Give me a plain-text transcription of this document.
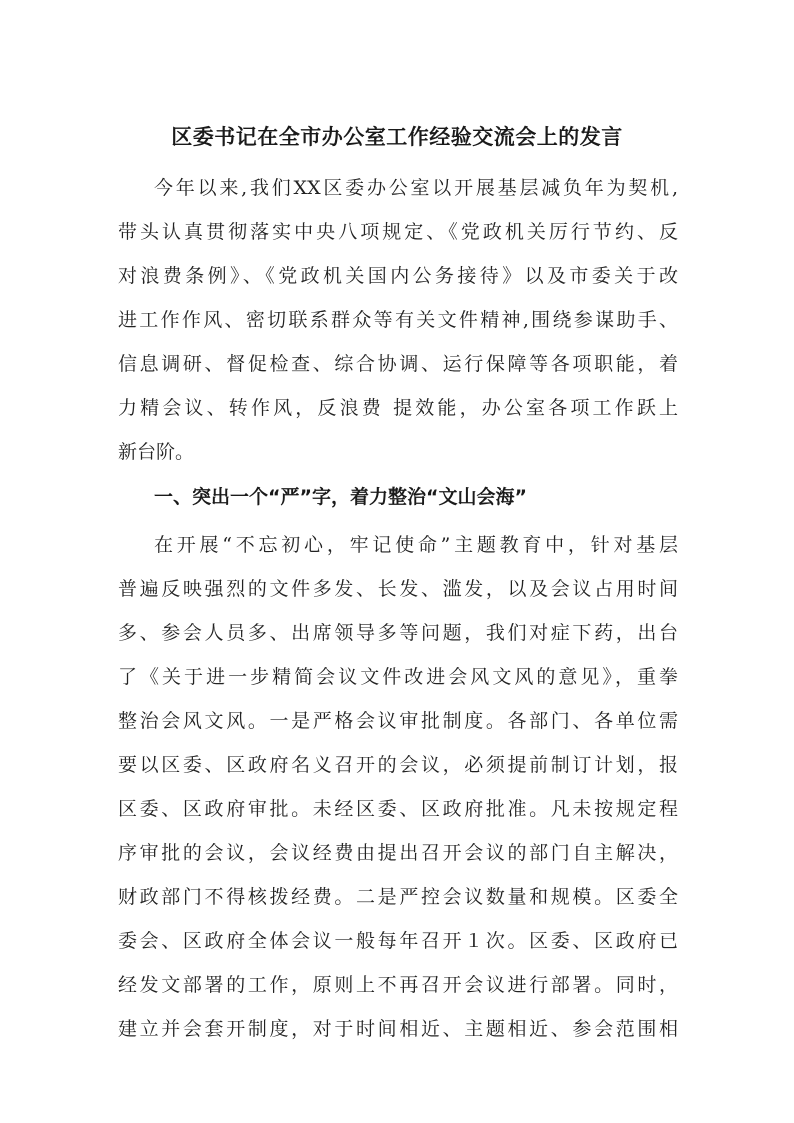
区委书记在全市办公室工作经验交流会上的发言
今年以来,我们XX区委办公室以开展基层减负年为契机,
带头认真贯彻落实中央八项规定、《党政机关厉行节约、反
对浪费条例》、《党政机关国内公务接待》以及市委关于改
进工作作风、密切联系群众等有关文件精神,围绕参谋助手、
信息调研、督促检查、综合协调、运行保障等各项职能，着
力精会议、转作风，反浪费 提效能，办公室各项工作跃上
新台阶。
一、突出一个“严”字，着力整治“文山会海”
在开展“不忘初心，牢记使命”主题教育中，针对基层
普遍反映强烈的文件多发、长发、滥发，以及会议占用时间
多、参会人员多、出席领导多等问题，我们对症下药，出台
了《关于进一步精简会议文件改进会风文风的意见》，重拳
整治会风文风。一是严格会议审批制度。各部门、各单位需
要以区委、区政府名义召开的会议，必须提前制订计划，报
区委、区政府审批。未经区委、区政府批准。凡未按规定程
序审批的会议，会议经费由提出召开会议的部门自主解决，
财政部门不得核拨经费。二是严控会议数量和规模。区委全
委会、区政府全体会议一般每年召开１次。区委、区政府已
经发文部署的工作，原则上不再召开会议进行部署。同时，
建立并会套开制度，对于时间相近、主题相近、参会范围相
